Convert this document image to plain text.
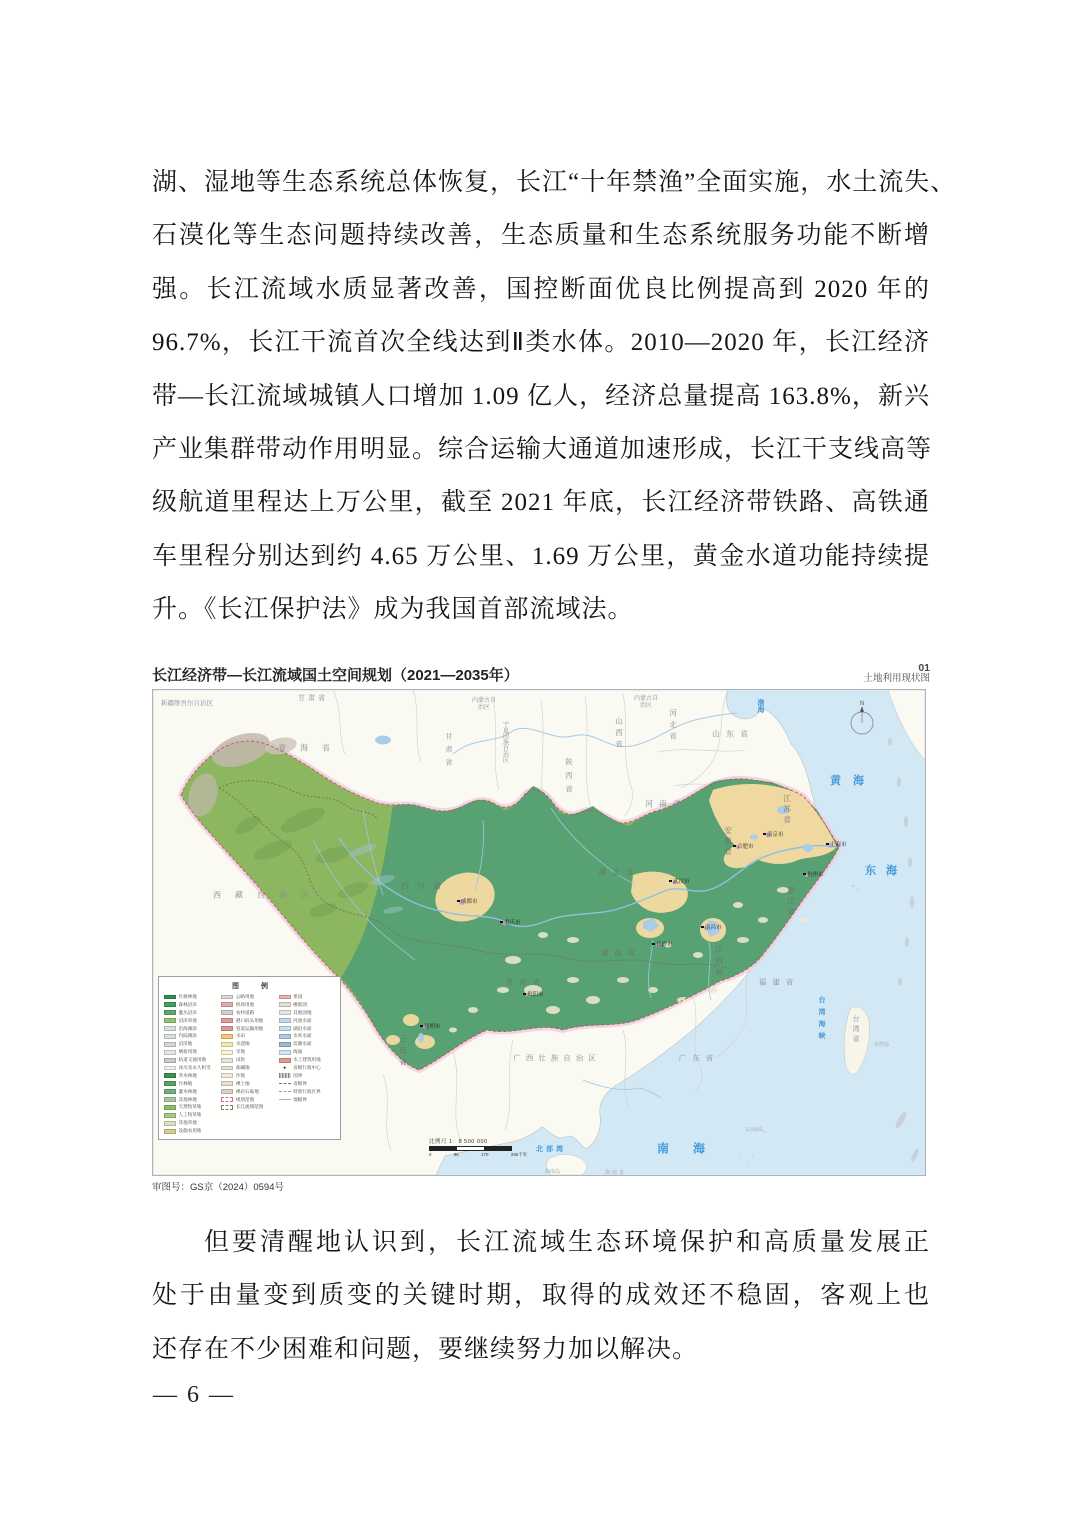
湖、湿地等生态系统总体恢复，长江“十年禁渔”全面实施，水土流失、
石漠化等生态问题持续改善，生态质量和生态系统服务功能不断增
强。长江流域水质显著改善，国控断面优良比例提高到 2020 年的
96.7%，长江干流首次全线达到Ⅱ类水体。2010—2020 年，长江经济
带—长江流域城镇人口增加 1.09 亿人，经济总量提高 163.8%，新兴
产业集群带动作用明显。综合运输大通道加速形成，长江干支线高等
级航道里程达上万公里，截至 2021 年底，长江经济带铁路、高铁通
车里程分别达到约 4.65 万公里、1.69 万公里，黄金水道功能持续提
升。《长江保护法》成为我国首部流域法。
长江经济带—长江流域国土空间规划（2021—2035年）	01
土地利用现状图
N
新疆维吾尔自治区
甘肃省
青海省
内蒙古自治区
内蒙古自治区
宁夏回族自治区
甘肃省
陕西省
山西省	河北省	山东省
河南省
西藏自治区
四川省
湖北省
湖南省	江西省
安徽省
江苏省
浙江省
福建省
贵州省
云南省	广西壮族自治区	广东省
台湾省
渤海
黄海
东海
南海
北部湾
台湾海峡
台湾岛
海南岛	海南省
东沙群岛
成都市
重庆市
武汉市
长沙市
南昌市
合肥市
南京市
上海市
杭州市
贵阳市
昆明市
图 例
红树林地
森林沼泽
灌丛沼泽
沼泽草地
沿海滩涂
内陆滩涂
沼泽地
晒盐用地
轨道交通用地
冰川及永久积雪
乔木林地
竹林地
灌木林地
其他林地
天然牧草地
人工牧草地
其他草地
设施农用地
公路用地
机场用地
农村道路
港口码头用地
管道运输用地
水田
水浇地
旱地
田坎
盐碱地
沙地
裸土地
裸岩石砾地
规划范围
长江流域范围
果园
橡胶园
其他园地
河流水面
湖泊水面
水库水面
坑塘水面
海面
水工建筑用地
●	省级行政中心
国界
省级界
特别行政区界
地级界
比例尺 1：8 500 000
0	85	170	255千米
审图号：GS京（2024）0594号
但要清醒地认识到，长江流域生态环境保护和高质量发展正
处于由量变到质变的关键时期，取得的成效还不稳固，客观上也
还存在不少困难和问题，要继续努力加以解决。
— 6 —
